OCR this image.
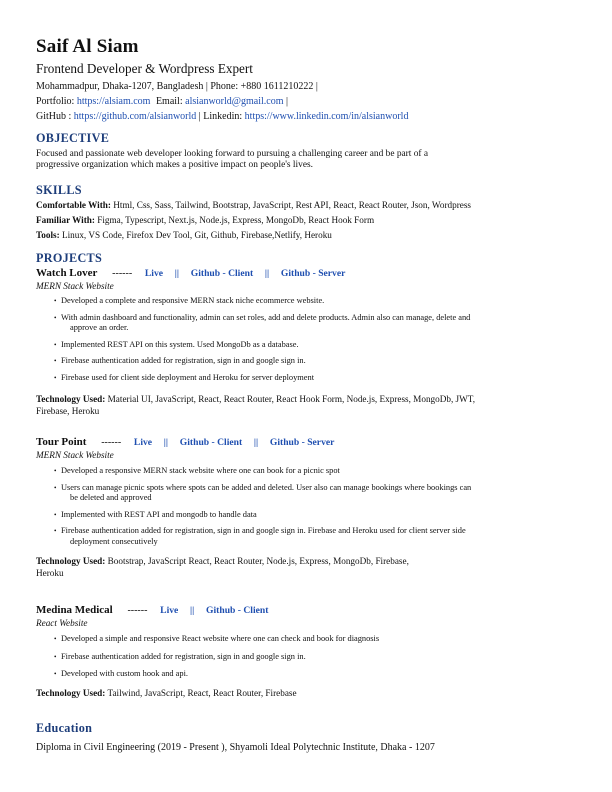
Saif Al Siam
Frontend Developer & Wordpress Expert
Mohammadpur, Dhaka-1207, Bangladesh | Phone: +880 1611210222 |
Portfolio: https://alsiam.com Email: alsianworld@gmail.com |
GitHub : https://github.com/alsianworld | Linkedin: https://www.linkedin.com/in/alsianworld
OBJECTIVE
Focused and passionate web developer looking forward to pursuing a challenging career and be part of a
progressive organization which makes a positive impact on people's lives.
SKILLS
Comfortable With: Html, Css, Sass, Tailwind, Bootstrap, JavaScript, Rest API, React, React Router, Json, Wordpress
Familiar With: Figma, Typescript, Next.js, Node.js, Express, MongoDb, React Hook Form
Tools: Linux, VS Code, Firefox Dev Tool, Git, Github, Firebase,Netlify, Heroku
PROJECTS
Watch Lover ------ Live || Github - Client || Github - Server
MERN Stack Website
• Developed a complete and responsive MERN stack niche ecommerce website.
• With admin dashboard and functionality, admin can set roles, add and delete products. Admin also can manage, delete and
approve an order.
• Implemented REST API on this system. Used MongoDb as a database.
• Firebase authentication added for registration, sign in and google sign in.
• Firebase used for client side deployment and Heroku for server deployment
Technology Used: Material UI, JavaScript, React, React Router, React Hook Form, Node.js, Express, MongoDb, JWT,
Firebase, Heroku
Tour Point ------ Live || Github - Client || Github - Server
MERN Stack Website
• Developed a responsive MERN stack website where one can book for a picnic spot
• Users can manage picnic spots where spots can be added and deleted. User also can manage bookings where bookings can
be deleted and approved
• Implemented with REST API and mongodb to handle data
• Firebase authentication added for registration, sign in and google sign in. Firebase and Heroku used for client server side
deployment consecutively
Technology Used: Bootstrap, JavaScript React, React Router, Node.js, Express, MongoDb, Firebase,
Heroku
Medina Medical ------ Live || Github - Client
React Website
• Developed a simple and responsive React website where one can check and book for diagnosis
• Firebase authentication added for registration, sign in and google sign in.
• Developed with custom hook and api.
Technology Used: Tailwind, JavaScript, React, React Router, Firebase
Education
Diploma in Civil Engineering (2019 - Present ), Shyamoli Ideal Polytechnic Institute, Dhaka - 1207
